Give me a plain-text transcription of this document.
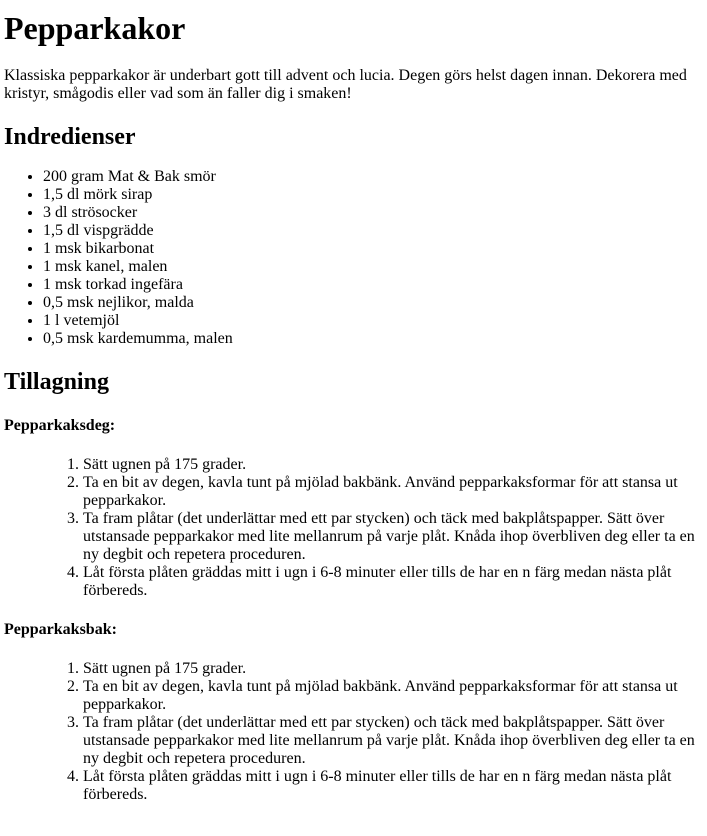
Pepparkakor

Klassiska pepparkakor är underbart gott till advent och lucia. Degen görs helst dagen innan. Dekorera med kristyr, smågodis eller vad som än faller dig i smaken!

Indredienser
• 200 gram Mat & Bak smör
• 1,5 dl mörk sirap
• 3 dl strösocker
• 1,5 dl vispgrädde
• 1 msk bikarbonat
• 1 msk kanel, malen
• 1 msk torkad ingefära
• 0,5 msk nejlikor, malda
• 1 l vetemjöl
• 0,5 msk kardemumma, malen
Tillagning
Pepparkaksdeg:
1. Sätt ugnen på 175 grader.
2. Ta en bit av degen, kavla tunt på mjölad bakbänk. Använd pepparkaksformar för att stansa ut pepparkakor.
3. Ta fram plåtar (det underlättar med ett par stycken) och täck med bakplåtspapper. Sätt över utstansade pepparkakor med lite mellanrum på varje plåt. Knåda ihop överbliven deg eller ta en ny degbit och repetera proceduren.
4. Låt första plåten gräddas mitt i ugn i 6-8 minuter eller tills de har en n färg medan nästa plåt förbereds.
Pepparkaksbak:
1. Sätt ugnen på 175 grader.
2. Ta en bit av degen, kavla tunt på mjölad bakbänk. Använd pepparkaksformar för att stansa ut pepparkakor.
3. Ta fram plåtar (det underlättar med ett par stycken) och täck med bakplåtspapper. Sätt över utstansade pepparkakor med lite mellanrum på varje plåt. Knåda ihop överbliven deg eller ta en ny degbit och repetera proceduren.
4. Låt första plåten gräddas mitt i ugn i 6-8 minuter eller tills de har en n färg medan nästa plåt förbereds.
